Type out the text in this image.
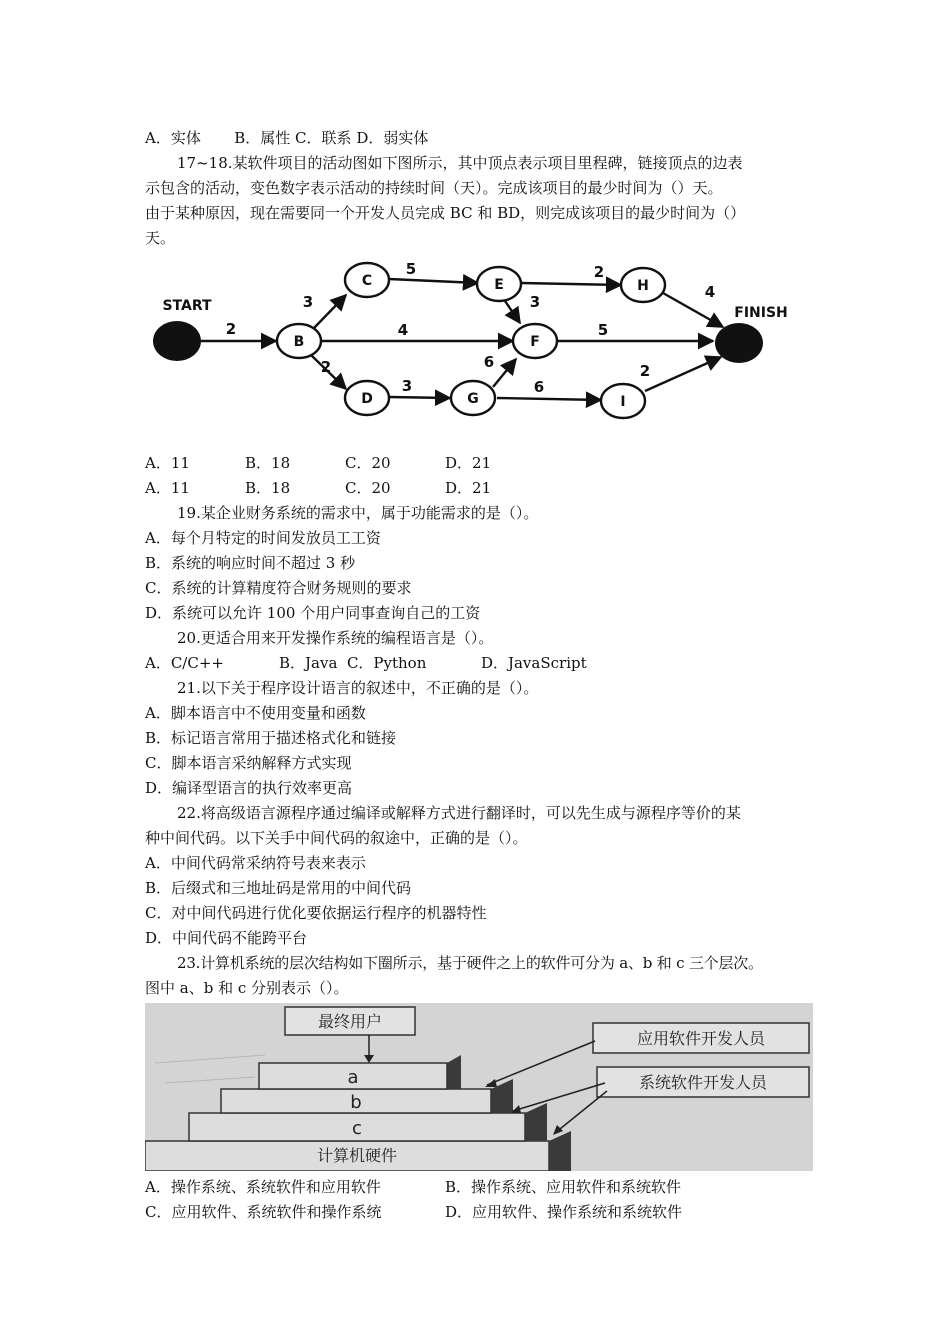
A．实体 B．属性 C．联系 D．弱实体
17~18.某软件项目的活动图如下图所示，其中顶点表示项目里程碑，链接顶点的边表
示包含的活动，变色数字表示活动的持续时间（天）。完成该项目的最少时间为（）天。
由于某种原因，现在需要同一个开发人员完成 BC 和 BD，则完成该项目的最少时间为（）
天。
B
C	E	H
F
D	G	I
START	FINISH
2
3
4
2
5	2
3
4
5
3
6
6
2
A．11	B．18	C．20	D．21
A．11	B．18	C．20	D．21
19.某企业财务系统的需求中，属于功能需求的是（）。
A．每个月特定的时间发放员工工资
B．系统的响应时间不超过 3 秒
C．系统的计算精度符合财务规则的要求
D．系统可以允许 100 个用户同事查询自己的工资
20.更适合用来开发操作系统的编程语言是（）。
A．C/C++	B．Java C．Python	D．JavaScript
21.以下关于程序设计语言的叙述中，不正确的是（）。
A．脚本语言中不使用变量和函数
B．标记语言常用于描述格式化和链接
C．脚本语言采纳解释方式实现
D．编译型语言的执行效率更高
22.将高级语言源程序通过编译或解释方式进行翻译时，可以先生成与源程序等价的某
种中间代码。以下关手中间代码的叙途中，正确的是（）。
A．中间代码常采纳符号表来表示
B．后缀式和三地址码是常用的中间代码
C．对中间代码进行优化要依据运行程序的机器特性
D．中间代码不能跨平台
23.计算机系统的层次结构如下圈所示，基于硬件之上的软件可分为 a、b 和 c 三个层次。
图中 a、b 和 c 分别表示（）。
最终用户
应用软件开发人员
系统软件开发人员
a
b
c
计算机硬件
A．操作系统、系统软件和应用软件	B．操作系统、应用软件和系统软件
C．应用软件、系统软件和操作系统	D．应用软件、操作系统和系统软件
